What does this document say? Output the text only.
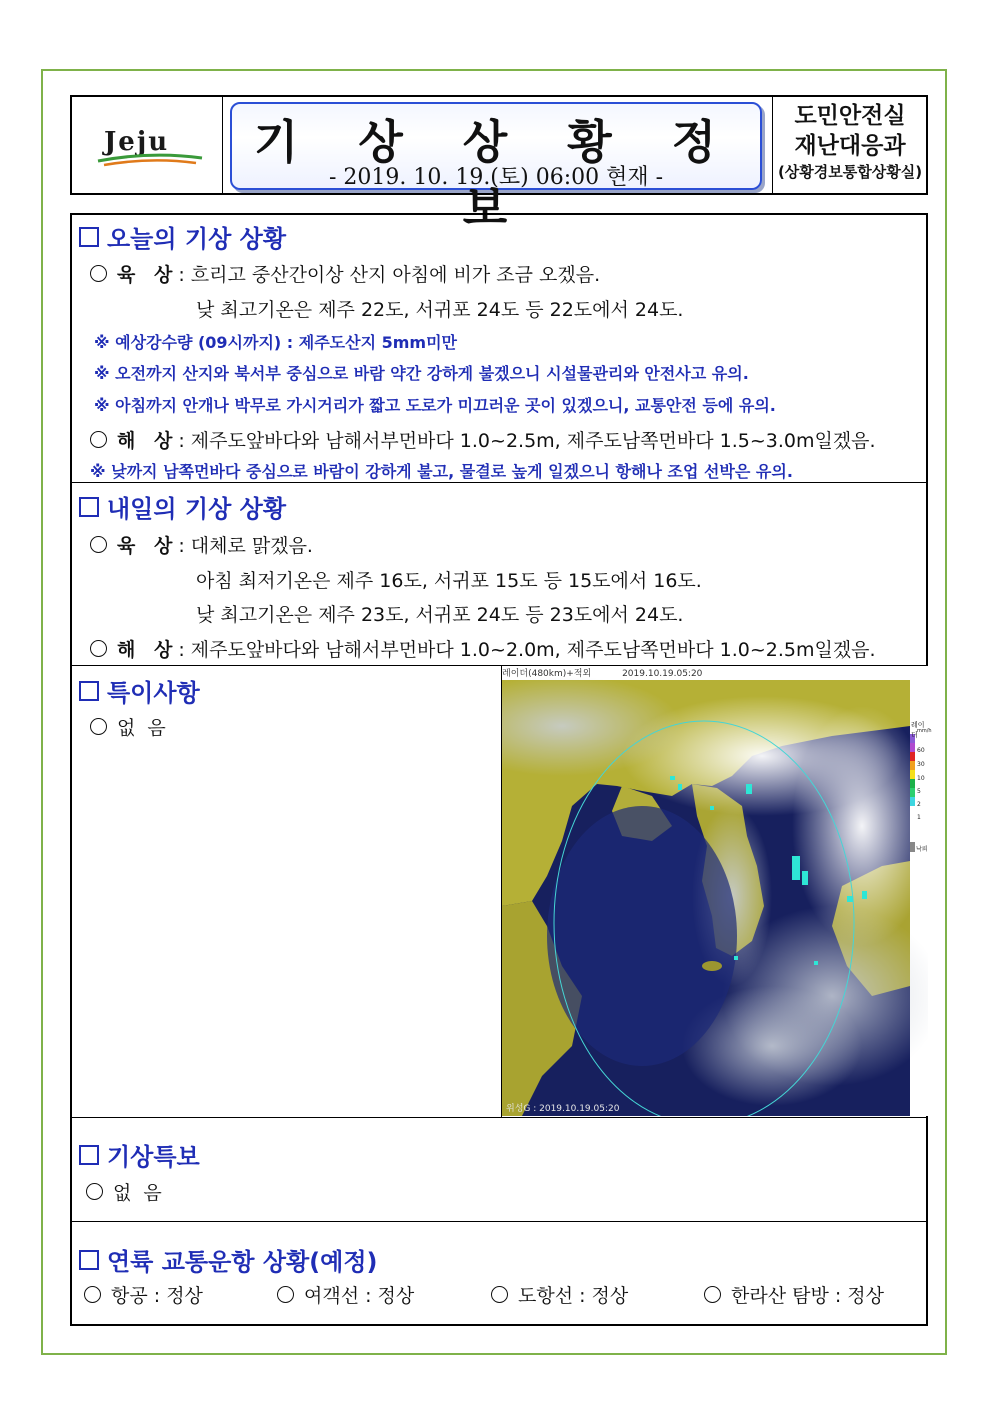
Jeju	기 상 상 황 정 보
- 2019. 10. 19.(토) 06:00 현재 -
도민안전실
재난대응과
(상황경보통합상황실)
오늘의 기상 상황
육 상: 흐리고 중산간이상 산지 아침에 비가 조금 오겠음.
낮 최고기온은 제주 22도, 서귀포 24도 등 22도에서 24도.
※ 예상강수량 (09시까지) : 제주도산지 5mm미만
※ 오전까지 산지와 북서부 중심으로 바람 약간 강하게 불겠으니 시설물관리와 안전사고 유의.
※ 아침까지 안개나 박무로 가시거리가 짧고 도로가 미끄러운 곳이 있겠으니, 교통안전 등에 유의.
해 상: 제주도앞바다와 남해서부먼바다 1.0~2.5m, 제주도남쪽먼바다 1.5~3.0m일겠음.
※ 낮까지 남쪽먼바다 중심으로 바람이 강하게 불고, 물결로 높게 일겠으니 항해나 조업 선박은 유의.
내일의 기상 상황
육 상: 대체로 맑겠음.
아침 최저기온은 제주 16도, 서귀포 15도 등 15도에서 16도.
낮 최고기온은 제주 23도, 서귀포 24도 등 23도에서 24도.
해 상: 제주도앞바다와 남해서부먼바다 1.0~2.0m, 제주도남쪽먼바다 1.0~2.5m일겠음.
특이사항
없  음
레이더(480km)+적외	2019.10.19.05:20
위성G : 2019.10.19.05:20
레이더 mm/h
60
30
10
5
2
1
낙뢰
기상특보
없  음
연륙 교통운항 상황(예정)
항공 : 정상	여객선 : 정상	도항선 : 정상	한라산 탐방 : 정상
